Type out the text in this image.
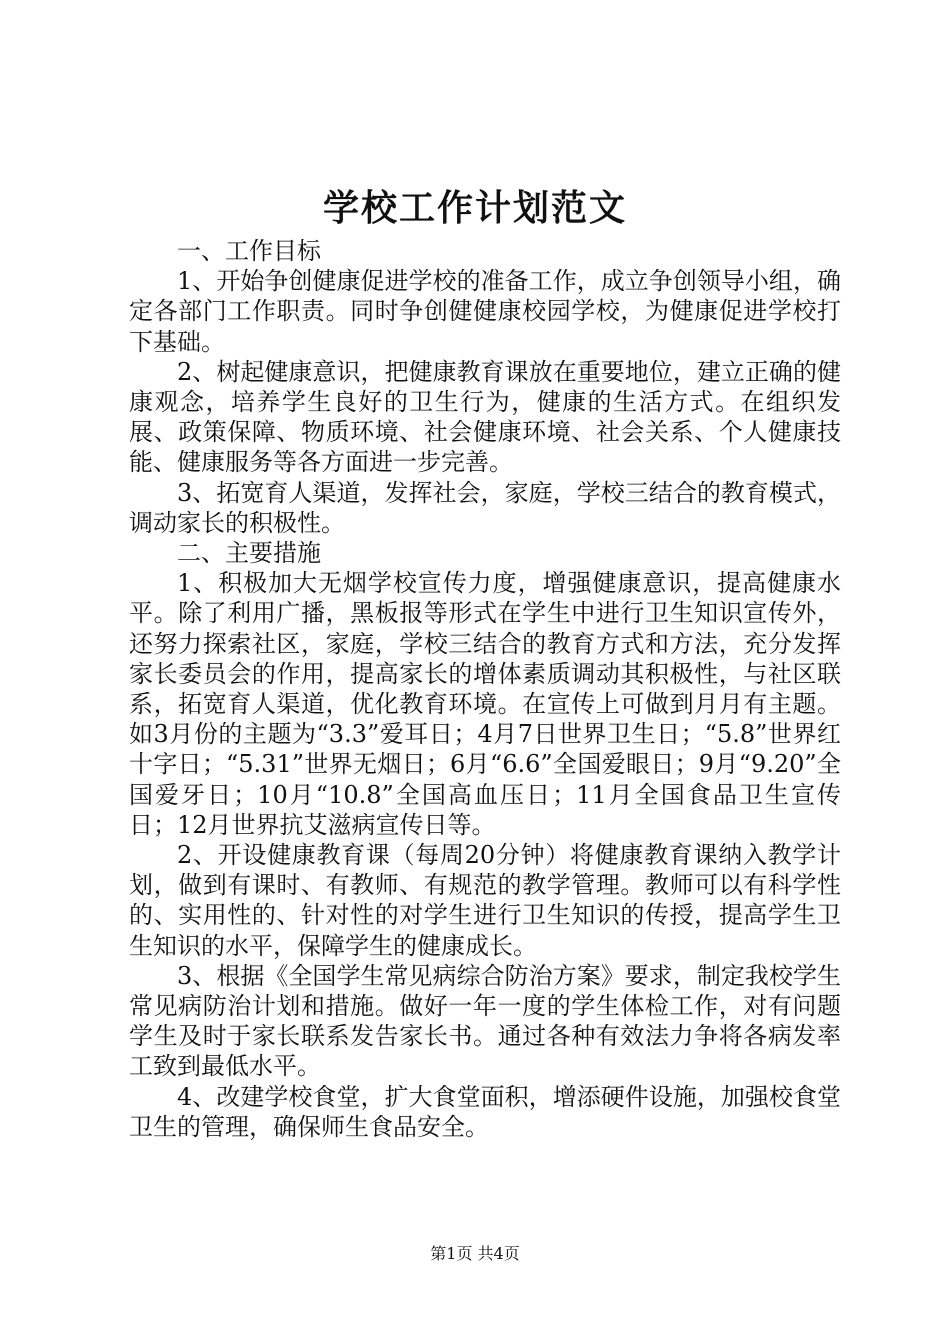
学校工作计划范文

一、工作目标

1、开始争创健康促进学校的准备工作，成立争创领导小组，确定各部门工作职责。同时争创健健康校园学校，为健康促进学校打下基础。

2、树起健康意识，把健康教育课放在重要地位，建立正确的健康观念，培养学生良好的卫生行为，健康的生活方式。在组织发展、政策保障、物质环境、社会健康环境、社会关系、个人健康技能、健康服务等各方面进一步完善。

3、拓宽育人渠道，发挥社会，家庭，学校三结合的教育模式，调动家长的积极性。

二、主要措施

1、积极加大无烟学校宣传力度，增强健康意识，提高健康水平。除了利用广播，黑板报等形式在学生中进行卫生知识宣传外，还努力探索社区，家庭，学校三结合的教育方式和方法，充分发挥家长委员会的作用，提高家长的增体素质调动其积极性，与社区联系，拓宽育人渠道，优化教育环境。在宣传上可做到月月有主题。如3月份的主题为“3.3”爱耳日；4月7日世界卫生日；“5.8”世界红十字日；“5.31”世界无烟日；6月“6.6”全国爱眼日；9月“9.20”全国爱牙日；10月“10.8”全国高血压日；11月全国食品卫生宣传日；12月世界抗艾滋病宣传日等。

2、开设健康教育课（每周20分钟）将健康教育课纳入教学计划，做到有课时、有教师、有规范的教学管理。教师可以有科学性的、实用性的、针对性的对学生进行卫生知识的传授，提高学生卫生知识的水平，保障学生的健康成长。

3、根据《全国学生常见病综合防治方案》要求，制定我校学生常见病防治计划和措施。做好一年一度的学生体检工作，对有问题学生及时于家长联系发告家长书。通过各种有效法力争将各病发率工致到最低水平。

4、改建学校食堂，扩大食堂面积，增添硬件设施，加强校食堂卫生的管理，确保师生食品安全。

第1页 共4页
